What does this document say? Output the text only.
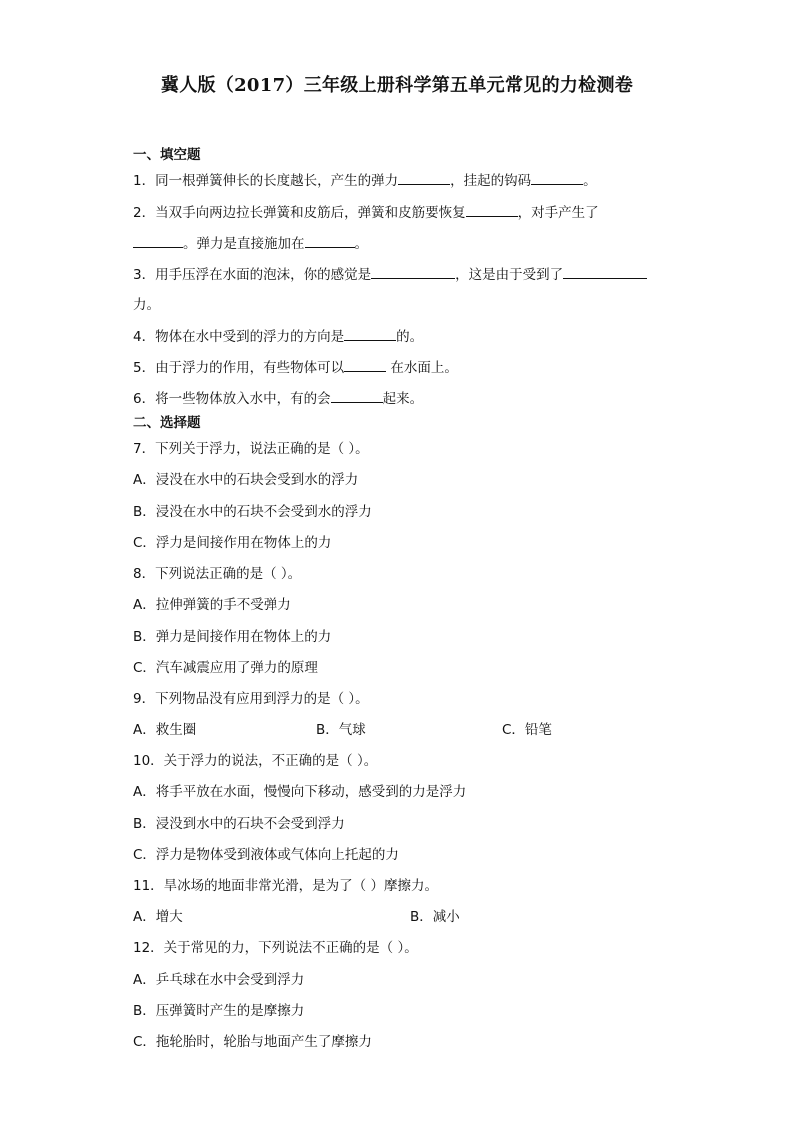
冀人版（2017）三年级上册科学第五单元常见的力检测卷
一、填空题
1．同一根弹簧伸长的长度越长，产生的弹力	，挂起的钩码	。
2．当双手向两边拉长弹簧和皮筋后，弹簧和皮筋要恢复	，对手产生了
。弹力是直接施加在	。
3．用手压浮在水面的泡沫，你的感觉是	，这是由于受到了
力。
4．物体在水中受到的浮力的方向是	的。
5．由于浮力的作用，有些物体可以	在水面上。
6．将一些物体放入水中，有的会	起来。
二、选择题
7．下列关于浮力，说法正确的是（ ）。
A．浸没在水中的石块会受到水的浮力
B．浸没在水中的石块不会受到水的浮力
C．浮力是间接作用在物体上的力
8．下列说法正确的是（ ）。
A．拉伸弹簧的手不受弹力
B．弹力是间接作用在物体上的力
C．汽车减震应用了弹力的原理
9．下列物品没有应用到浮力的是（ ）。
A．救生圈	B．气球	C．铅笔
10．关于浮力的说法，不正确的是（ ）。
A．将手平放在水面，慢慢向下移动，感受到的力是浮力
B．浸没到水中的石块不会受到浮力
C．浮力是物体受到液体或气体向上托起的力
11．旱冰场的地面非常光滑，是为了（ ）摩擦力。
A．增大	B．减小
12．关于常见的力，下列说法不正确的是（ ）。
A．乒乓球在水中会受到浮力
B．压弹簧时产生的是摩擦力
C．拖轮胎时，轮胎与地面产生了摩擦力
